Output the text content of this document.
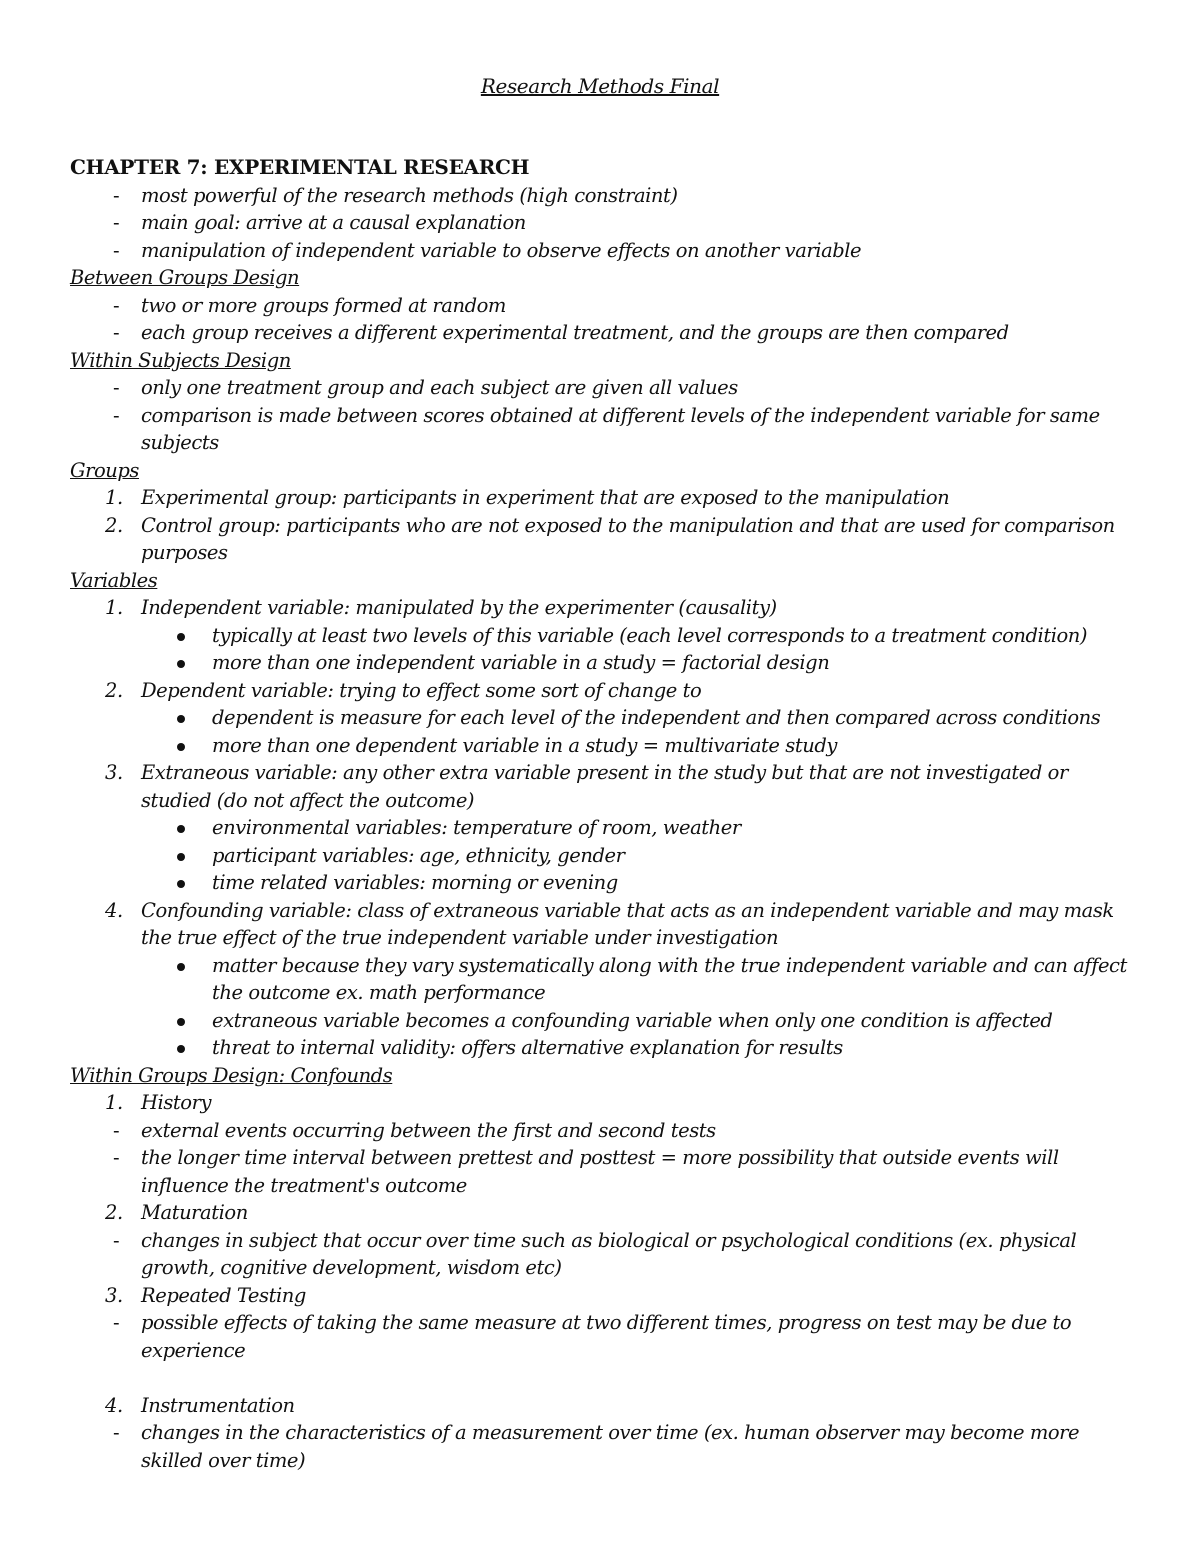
Research Methods Final
CHAPTER 7: EXPERIMENTAL RESEARCH
-	most powerful of the research methods (high constraint)
-	main goal: arrive at a causal explanation
-	manipulation of independent variable to observe effects on another variable
Between Groups Design
-	two or more groups formed at random
-	each group receives a different experimental treatment, and the groups are then compared
Within Subjects Design
-	only one treatment group and each subject are given all values
-	comparison is made between scores obtained at different levels of the independent variable for same subjects
Groups
1. Experimental group: participants in experiment that are exposed to the manipulation
2. Control group: participants who are not exposed to the manipulation and that are used for comparison purposes
Variables
1. Independent variable: manipulated by the experimenter (causality)
typically at least two levels of this variable (each level corresponds to a treatment condition)
more than one independent variable in a study = factorial design
2. Dependent variable: trying to effect some sort of change to
dependent is measure for each level of the independent and then compared across conditions
more than one dependent variable in a study = multivariate study
3. Extraneous variable: any other extra variable present in the study but that are not investigated or studied (do not affect the outcome)
environmental variables: temperature of room, weather
participant variables: age, ethnicity, gender
time related variables: morning or evening
4. Confounding variable: class of extraneous variable that acts as an independent variable and may mask the true effect of the true independent variable under investigation
matter because they vary systematically along with the true independent variable and can affect the outcome ex. math performance
extraneous variable becomes a confounding variable when only one condition is affected
threat to internal validity: offers alternative explanation for results
Within Groups Design: Confounds
1. History
-	external events occurring between the first and second tests
-	the longer time interval between prettest and posttest = more possibility that outside events will influence the treatment's outcome
2. Maturation
-	changes in subject that occur over time such as biological or psychological conditions (ex. physical growth, cognitive development, wisdom etc)
3. Repeated Testing
-	possible effects of taking the same measure at two different times, progress on test may be due to experience
4. Instrumentation
-	changes in the characteristics of a measurement over time (ex. human observer may become more skilled over time)
